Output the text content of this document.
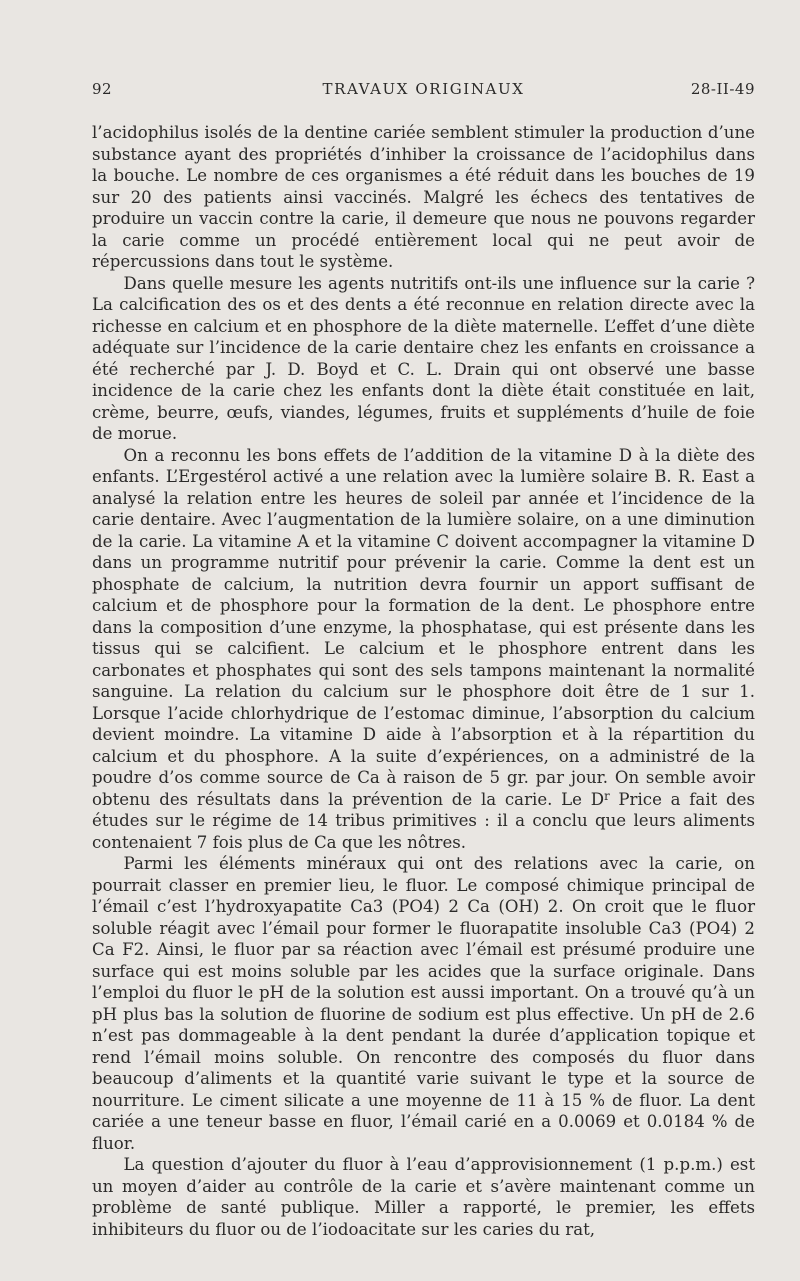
92	TRAVAUX ORIGINAUX	28-II-49

l’acidophilus isolés de la dentine cariée semblent stimuler la production d’une substance ayant des propriétés d’inhiber la croissance de l’acidophilus dans la bouche. Le nombre de ces organismes a été réduit dans les bouches de 19 sur 20 des patients ainsi vaccinés. Malgré les échecs des tentatives de produire un vaccin contre la carie, il demeure que nous ne pouvons regarder la carie comme un procédé entièrement local qui ne peut avoir de répercussions dans tout le système.

Dans quelle mesure les agents nutritifs ont-ils une influence sur la carie ? La calcification des os et des dents a été reconnue en relation directe avec la richesse en calcium et en phosphore de la diète maternelle. L’effet d’une diète adéquate sur l’incidence de la carie dentaire chez les enfants en croissance a été recherché par J. D. Boyd et C. L. Drain qui ont observé une basse incidence de la carie chez les enfants dont la diète était constituée en lait, crème, beurre, œufs, viandes, légumes, fruits et suppléments d’huile de foie de morue.

On a reconnu les bons effets de l’addition de la vitamine D à la diète des enfants. L’Ergestérol activé a une relation avec la lumière solaire B. R. East a analysé la relation entre les heures de soleil par année et l’incidence de la carie dentaire. Avec l’augmentation de la lumière solaire, on a une diminution de la carie. La vitamine A et la vitamine C doivent accompagner la vitamine D dans un programme nutritif pour prévenir la carie. Comme la dent est un phosphate de calcium, la nutrition devra fournir un apport suffisant de calcium et de phosphore pour la formation de la dent. Le phosphore entre dans la composition d’une enzyme, la phosphatase, qui est présente dans les tissus qui se calcifient. Le calcium et le phosphore entrent dans les carbonates et phosphates qui sont des sels tampons maintenant la normalité sanguine. La relation du calcium sur le phosphore doit être de 1 sur 1. Lorsque l’acide chlorhydrique de l’estomac diminue, l’absorption du calcium devient moindre. La vitamine D aide à l’absorption et à la répartition du calcium et du phosphore. A la suite d’expériences, on a administré de la poudre d’os comme source de Ca à raison de 5 gr. par jour. On semble avoir obtenu des résultats dans la prévention de la carie. Le $D^r$ Price a fait des études sur le régime de 14 tribus primitives : il a conclu que leurs aliments contenaient 7 fois plus de Ca que les nôtres.

Parmi les éléments minéraux qui ont des relations avec la carie, on pourrait classer en premier lieu, le fluor. Le composé chimique principal de l’émail c’est l’hydroxyapatite Ca3 (PO4) 2 Ca (OH) 2. On croit que le fluor soluble réagit avec l’émail pour former le fluorapatite insoluble Ca3 (PO4) 2 Ca F2. Ainsi, le fluor par sa réaction avec l’émail est présumé produire une surface qui est moins soluble par les acides que la surface originale. Dans l’emploi du fluor le pH de la solution est aussi important. On a trouvé qu’à un pH plus bas la solution de fluorine de sodium est plus effective. Un pH de 2.6 n’est pas dommageable à la dent pendant la durée d’application topique et rend l’émail moins soluble. On rencontre des composés du fluor dans beaucoup d’aliments et la quantité varie suivant le type et la source de nourriture. Le ciment silicate a une moyenne de 11 à 15 % de fluor. La dent cariée a une teneur basse en fluor, l’émail carié en a 0.0069 et 0.0184 % de fluor.

La question d’ajouter du fluor à l’eau d’approvisionnement (1 p.p.m.) est un moyen d’aider au contrôle de la carie et s’avère maintenant comme un problème de santé publique. Miller a rapporté, le premier, les effets inhibiteurs du fluor ou de l’iodoacitate sur les caries du rat,
